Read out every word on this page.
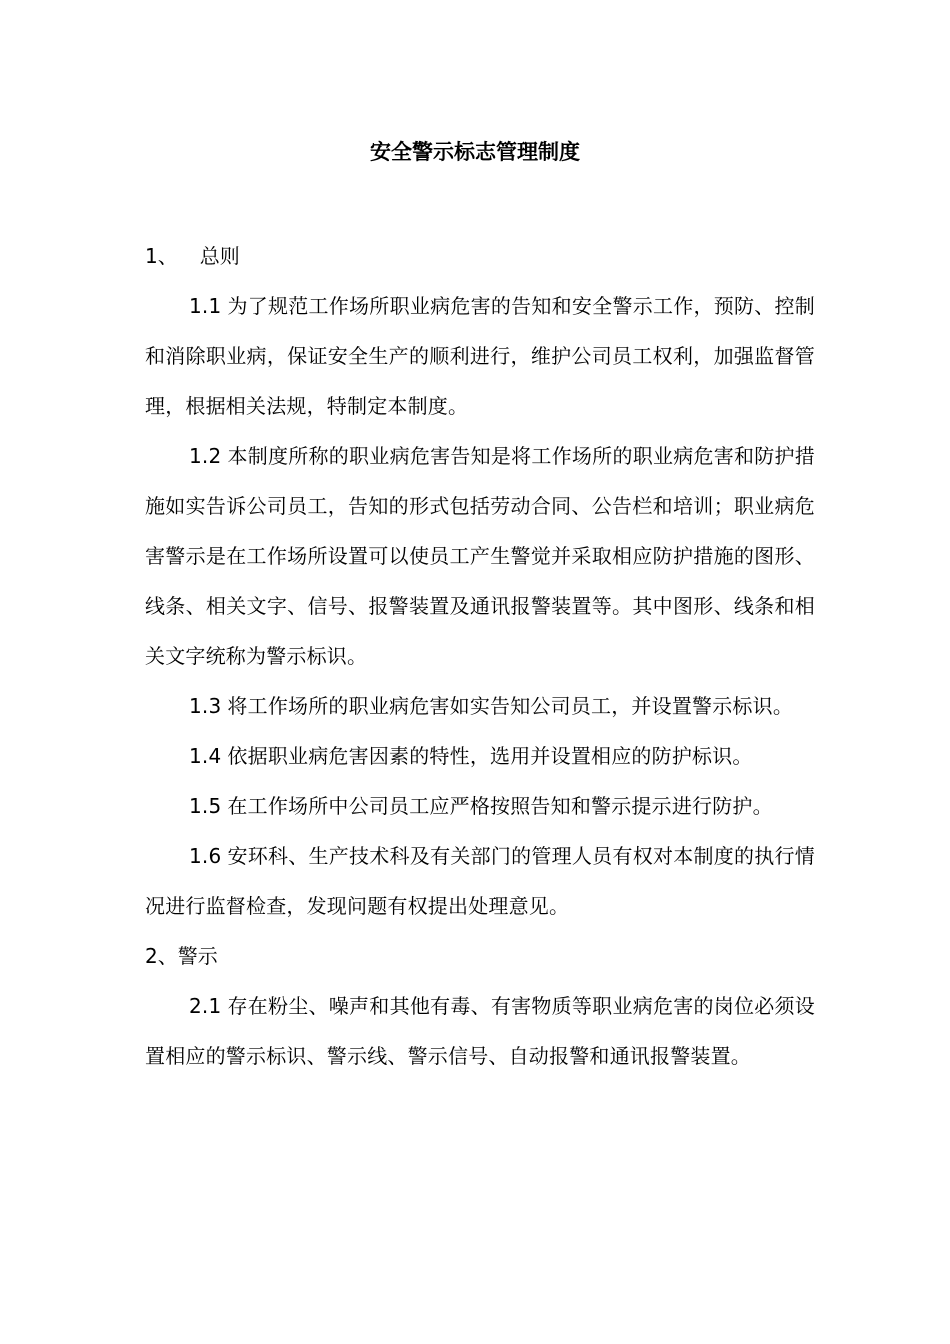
安全警示标志管理制度
1、 总则

1.1 为了规范工作场所职业病危害的告知和安全警示工作，预防、控制和消除职业病，保证安全生产的顺利进行，维护公司员工权利，加强监督管理，根据相关法规，特制定本制度。

1.2 本制度所称的职业病危害告知是将工作场所的职业病危害和防护措施如实告诉公司员工，告知的形式包括劳动合同、公告栏和培训；职业病危害警示是在工作场所设置可以使员工产生警觉并采取相应防护措施的图形、线条、相关文字、信号、报警装置及通讯报警装置等。其中图形、线条和相关文字统称为警示标识。

1.3 将工作场所的职业病危害如实告知公司员工，并设置警示标识。

1.4 依据职业病危害因素的特性，选用并设置相应的防护标识。

1.5 在工作场所中公司员工应严格按照告知和警示提示进行防护。

1.6 安环科、生产技术科及有关部门的管理人员有权对本制度的执行情况进行监督检查，发现问题有权提出处理意见。

2、警示

2.1 存在粉尘、噪声和其他有毒、有害物质等职业病危害的岗位必须设置相应的警示标识、警示线、警示信号、自动报警和通讯报警装置。
